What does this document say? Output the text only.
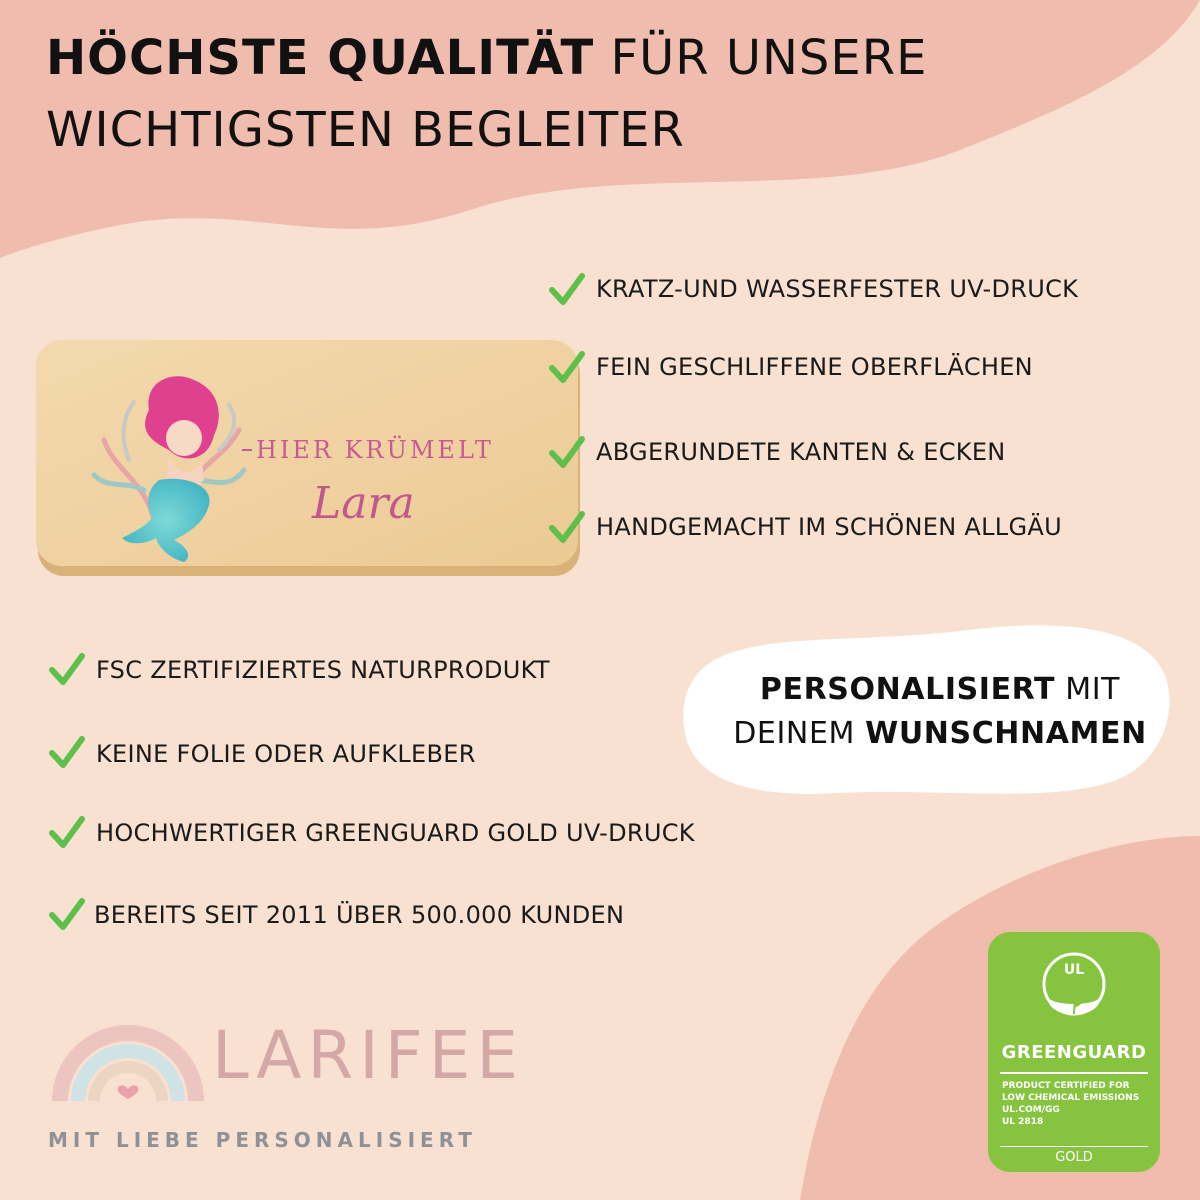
HÖCHSTE QUALITÄT FÜR UNSERE
WICHTIGSTEN BEGLEITER
HIER KRÜMELT
Lara
KRATZ-UND WASSERFESTER UV-DRUCK
FEIN GESCHLIFFENE OBERFLÄCHEN
ABGERUNDETE KANTEN & ECKEN
HANDGEMACHT IM SCHÖNEN ALLGÄU
FSC ZERTIFIZIERTES NATURPRODUKT
KEINE FOLIE ODER AUFKLEBER
HOCHWERTIGER GREENGUARD GOLD UV-DRUCK
BEREITS SEIT 2011 ÜBER 500.000 KUNDEN
PERSONALISIERT MIT
DEINEM WUNSCHNAMEN
LARIFEE
MIT LIEBE PERSONALISIERT
UL
GREENGUARD
PRODUCT CERTIFIED FOR
LOW CHEMICAL EMISSIONS
UL.COM/GG
UL 2818
GOLD
